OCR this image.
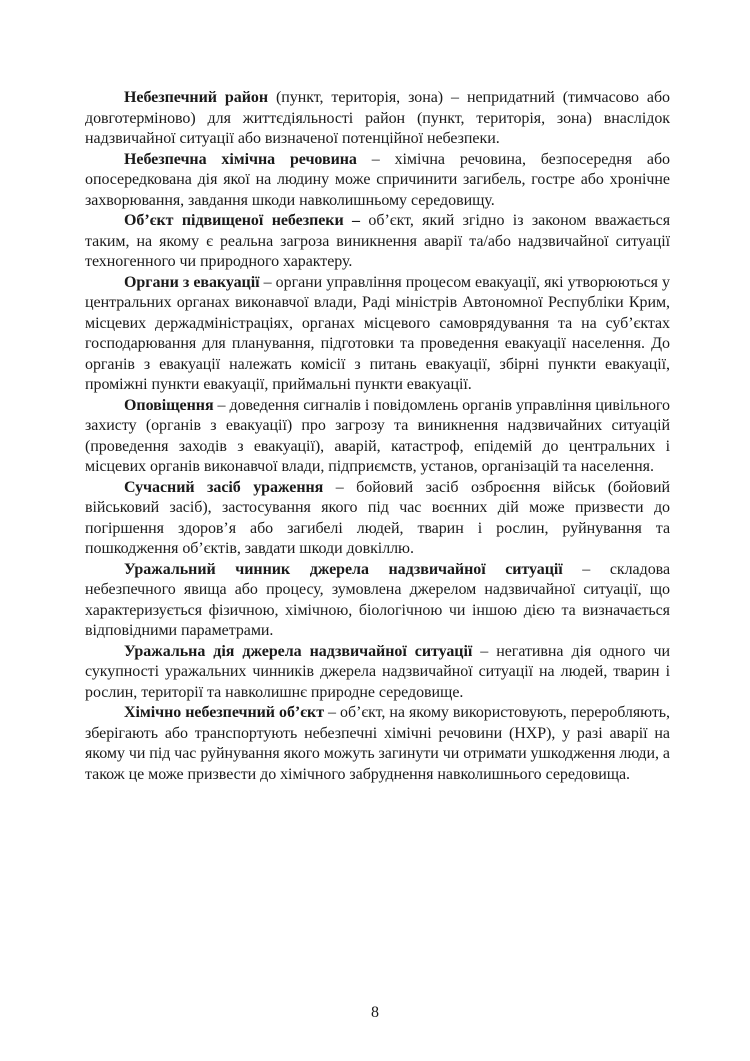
Небезпечний район (пункт, територія, зона) – непридатний (тимчасово або довготерміново) для життєдіяльності район (пункт, територія, зона) внаслідок надзвичайної ситуації або визначеної потенційної небезпеки.

Небезпечна хімічна речовина – хімічна речовина, безпосередня або опосередкована дія якої на людину може спричинити загибель, гостре або хронічне захворювання, завдання шкоди навколишньому середовищу.

Об’єкт підвищеної небезпеки – об’єкт, який згідно із законом вважається таким, на якому є реальна загроза виникнення аварії та/або надзвичайної ситуації техногенного чи природного характеру.

Органи з евакуації – органи управління процесом евакуації, які утворюються у центральних органах виконавчої влади, Раді міністрів Автономної Республіки Крим, місцевих держадміністраціях, органах місцевого самоврядування та на суб’єктах господарювання для планування, підготовки та проведення евакуації населення. До органів з евакуації належать комісії з питань евакуації, збірні пункти евакуації, проміжні пункти евакуації, приймальні пункти евакуації.

Оповіщення – доведення сигналів і повідомлень органів управління цивільного захисту (органів з евакуації) про загрозу та виникнення надзвичайних ситуацій (проведення заходів з евакуації), аварій, катастроф, епідемій до центральних і місцевих органів виконавчої влади, підприємств, установ, організацій та населення.

Сучасний засіб ураження – бойовий засіб озброєння військ (бойовий військовий засіб), застосування якого під час воєнних дій може призвести до погіршення здоров’я або загибелі людей, тварин і рослин, руйнування та пошкодження об’єктів, завдати шкоди довкіллю.

Уражальний чинник джерела надзвичайної ситуації – складова небезпечного явища або процесу, зумовлена джерелом надзвичайної ситуації, що характеризується фізичною, хімічною, біологічною чи іншою дією та визначається відповідними параметрами.

Уражальна дія джерела надзвичайної ситуації – негативна дія одного чи сукупності уражальних чинників джерела надзвичайної ситуації на людей, тварин і рослин, території та навколишнє природне середовище.

Хімічно небезпечний об’єкт – об’єкт, на якому використовують, переробляють, зберігають або транспортують небезпечні хімічні речовини (НХР), у разі аварії на якому чи під час руйнування якого можуть загинути чи отримати ушкодження люди, а також це може призвести до хімічного забруднення навколишнього середовища.

8
